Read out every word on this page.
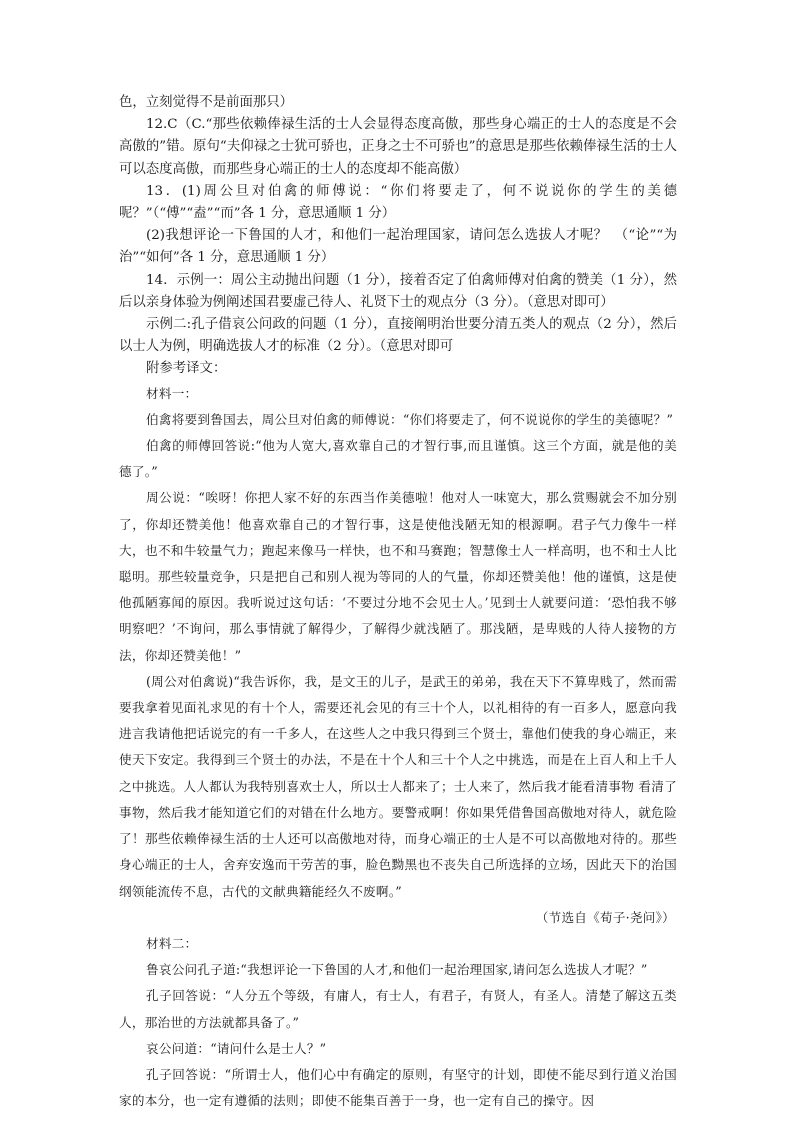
色，立刻觉得不是前面那只）

12.C（C.“那些依赖俸禄生活的士人会显得态度高傲，那些身心端正的士人的态度是不会高傲的”错。原句“夫仰禄之士犹可骄也，正身之士不可骄也”的意思是那些依赖俸禄生活的士人可以态度高傲，而那些身心端正的士人的态度却不能高傲）

13．(1)周公旦对伯禽的师傅说：“你们将要走了，何不说说你的学生的美德呢？”（“傅”“盍”“而”各 1 分，意思通顺 1 分）

(2)我想评论一下鲁国的人才，和他们一起治理国家，请问怎么选拔人才呢？　（“论”“为治”“如何”各 1 分，意思通顺 1 分）

14．示例一：周公主动抛出问题（1 分），接着否定了伯禽师傅对伯禽的赞美（1 分），然后以亲身体验为例阐述国君要虚己待人、礼贤下士的观点分（3 分）。（意思对即可）

示例二:孔子借哀公问政的问题（1 分），直接阐明治世要分清五类人的观点（2 分），然后以士人为例，明确选拔人才的标准（2 分）。（意思对即可

附参考译文：

材料一：

伯禽将要到鲁国去，周公旦对伯禽的师傅说：“你们将要走了，何不说说你的学生的美德呢？”

伯禽的师傅回答说:“他为人宽大,喜欢靠自己的才智行事,而且谨慎。这三个方面，就是他的美德了。”

周公说：“唉呀！你把人家不好的东西当作美德啦！他对人一味宽大，那么赏赐就会不加分别了，你却还赞美他！他喜欢靠自己的才智行事，这是使他浅陋无知的根源啊。君子气力像牛一样大，也不和牛较量气力；跑起来像马一样快，也不和马赛跑；智慧像士人一样高明，也不和士人比聪明。那些较量竞争，只是把自己和别人视为等同的人的气量，你却还赞美他！他的谨慎，这是使他孤陋寡闻的原因。我听说过这句话：‘不要过分地不会见士人。’见到士人就要问道：‘恐怕我不够明察吧？’不询问，那么事情就了解得少，了解得少就浅陋了。那浅陋，是卑贱的人待人接物的方法，你却还赞美他！”

(周公对伯禽说)“我告诉你，我，是文王的儿子，是武王的弟弟，我在天下不算卑贱了，然而需要我拿着见面礼求见的有十个人，需要还礼会见的有三十个人，以礼相待的有一百多人，愿意向我进言我请他把话说完的有一千多人，在这些人之中我只得到三个贤士，靠他们使我的身心端正，来使天下安定。我得到三个贤士的办法，不是在十个人和三十个人之中挑选，而是在上百人和上千人之中挑选。人人都认为我特别喜欢士人，所以士人都来了；士人来了，然后我才能看清事物 看清了事物，然后我才能知道它们的对错在什么地方。要警戒啊！你如果凭借鲁国高傲地对待人，就危险了！那些依赖俸禄生活的士人还可以高傲地对待，而身心端正的士人是不可以高傲地对待的。那些身心端正的士人，舍弃安逸而干劳苦的事，脸色黝黑也不丧失自己所选择的立场，因此天下的治国纲领能流传不息，古代的文献典籍能经久不废啊。”

（节选自《荀子·尧问》）

材料二：

鲁哀公问孔子道:“我想评论一下鲁国的人才,和他们一起治理国家,请问怎么选拔人才呢？”

孔子回答说：“人分五个等级，有庸人，有士人，有君子，有贤人，有圣人。清楚了解这五类人，那治世的方法就都具备了。”

哀公问道：“请问什么是士人？”

孔子回答说：“所谓士人，他们心中有确定的原则，有坚守的计划，即使不能尽到行道义治国家的本分，也一定有遵循的法则；即使不能集百善于一身，也一定有自己的操守。因
